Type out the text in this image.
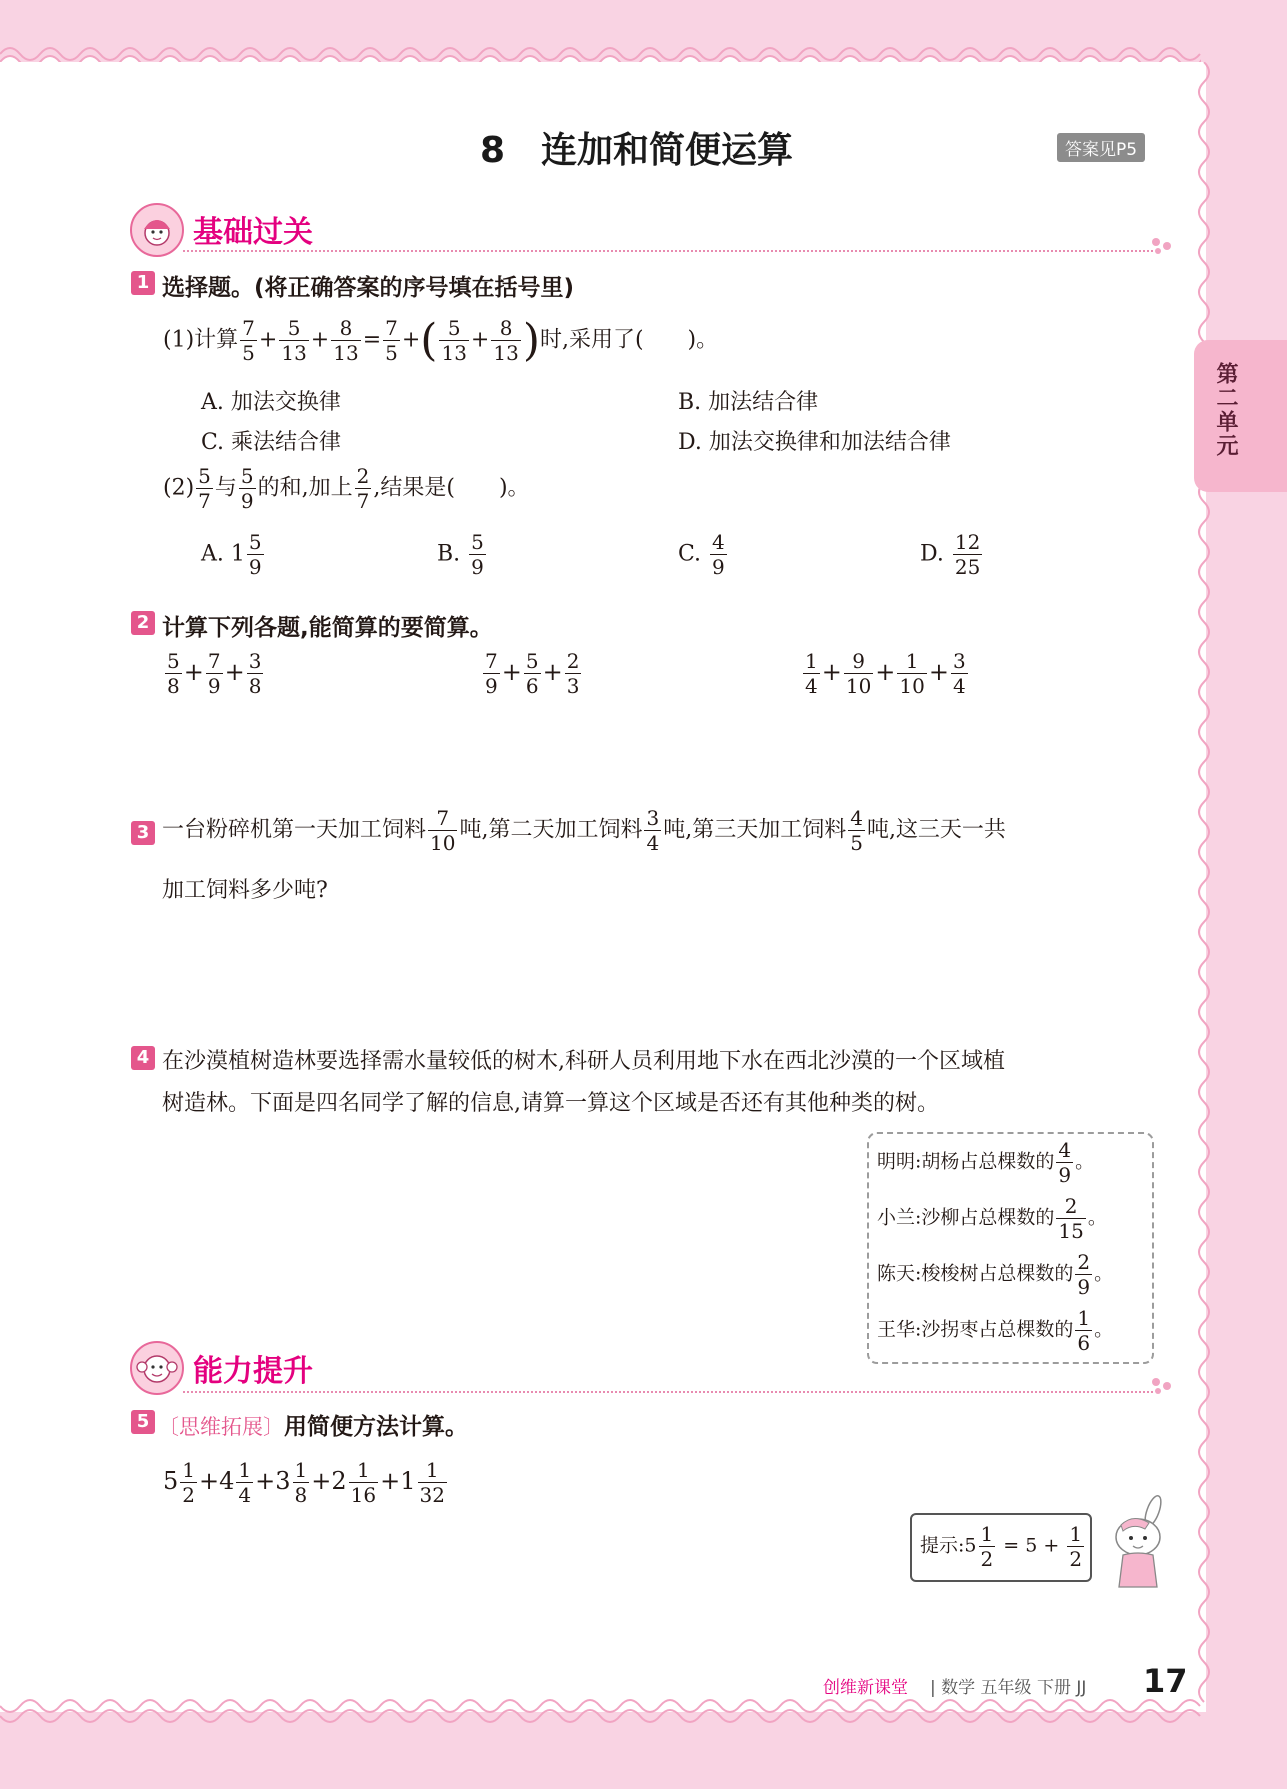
8　连加和简便运算	答案见P5
第二单元
基础过关
1 选择题。(将正确答案的序号填在括号里)
(1)计算 $\frac{7}{5} + \frac{5}{13} + \frac{8}{13} = \frac{7}{5}$ +( $\frac{5}{13} + \frac{8}{13}$ )时,采用了(　　)。
A. 加法交换律	B. 加法结合律
C. 乘法结合律	D. 加法交换律和加法结合律
$(2) \frac{5}{7}$ 与 $\frac{5}{9}$ 的和,加上 $\frac{2}{7}$ ,结果是(　　)。
A. $1 \frac{5}{9}$	B. $\frac{5}{9}$	C. $\frac{4}{9}$	D. $\frac{12}{25}$
2 计算下列各题,能简算的要简算。
$\frac{5}{8} + \frac{7}{9} + \frac{3}{8}$	$\frac{7}{9} + \frac{5}{6} + \frac{2}{3}$	$\frac{1}{4} + \frac{9}{10} + \frac{1}{10} + \frac{3}{4}$
3 一台粉碎机第一天加工饲料 $\frac{7}{10}$ 吨,第二天加工饲料 $\frac{3}{4}$ 吨,第三天加工饲料 $\frac{4}{5}$ 吨,这三天一共
加工饲料多少吨?
4 在沙漠植树造林要选择需水量较低的树木,科研人员利用地下水在西北沙漠的一个区域植
树造林。下面是四名同学了解的信息,请算一算这个区域是否还有其他种类的树。
明明:胡杨占总棵数的 $\frac{4}{9}$ 。
小兰:沙柳占总棵数的 $\frac{2}{15}$ 。
陈天:梭梭树占总棵数的 $\frac{2}{9}$ 。
王华:沙拐枣占总棵数的 $\frac{1}{6}$ 。
能力提升
5 〔思维拓展〕用简便方法计算。
$5 \frac{1}{2} +4 \frac{1}{4} +3 \frac{1}{8} +2 \frac{1}{16} +1 \frac{1}{32}$
提示:5 $\frac{1}{2} = 5 + \frac{1}{2}$
创维新课堂 | 数学 五年级 下册 JJ 17
